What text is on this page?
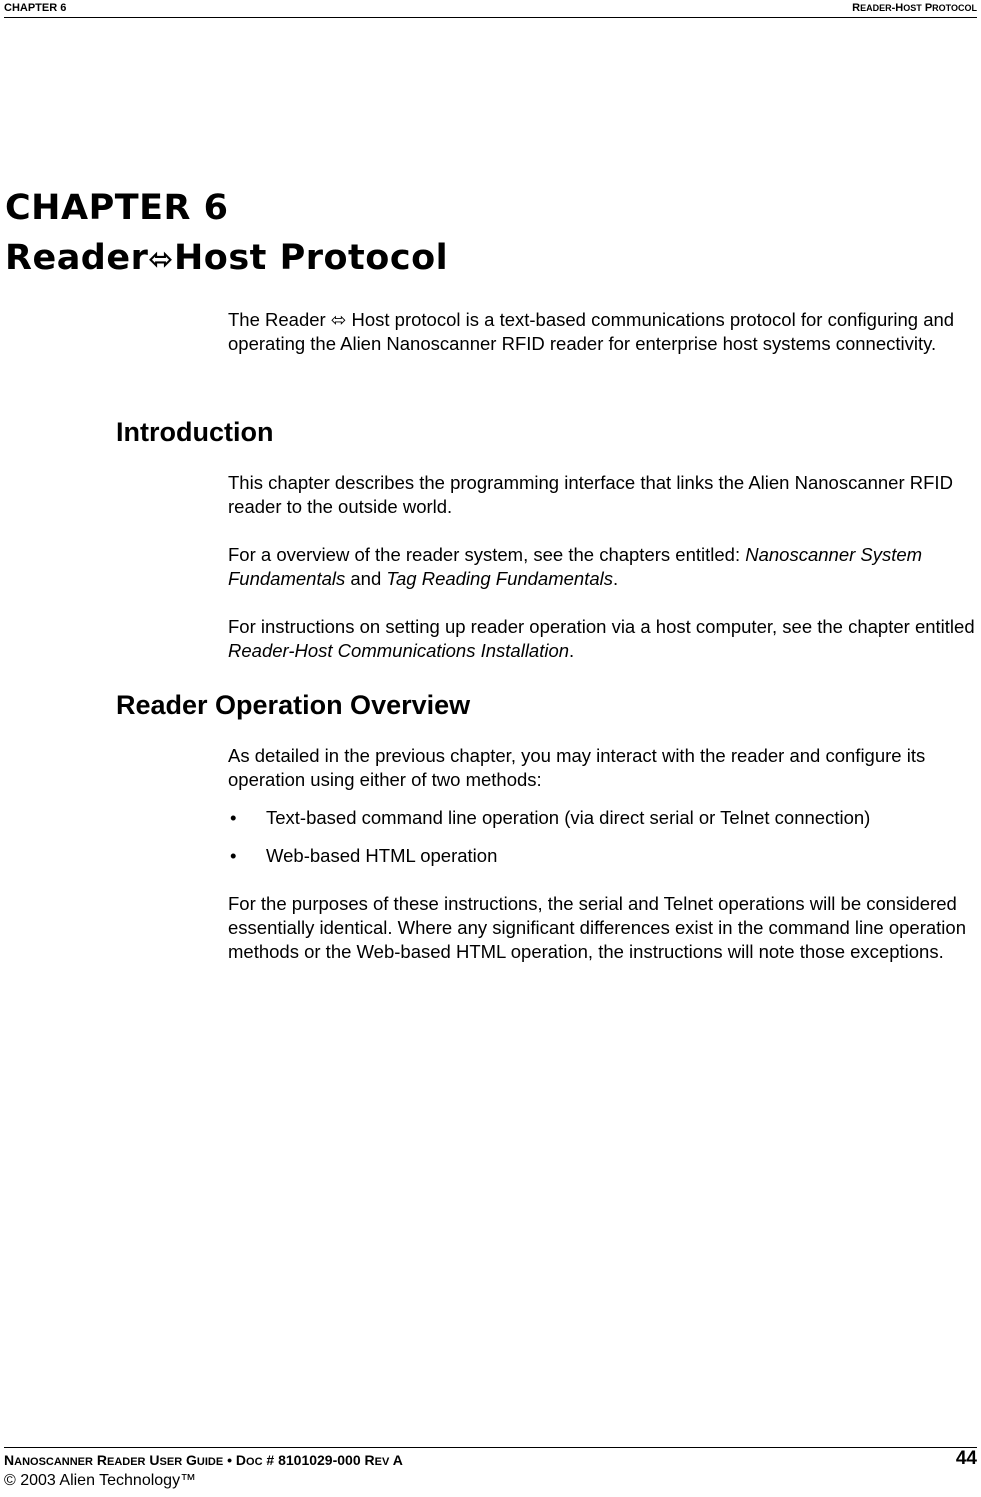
CHAPTER 6	READER-HOST PROTOCOL
CHAPTER 6
Reader⬄Host Protocol

The Reader ⬄ Host protocol is a text-based communications protocol for configuring and operating the Alien Nanoscanner RFID reader for enterprise host systems connectivity.

Introduction

This chapter describes the programming interface that links the Alien Nanoscanner RFID reader to the outside world.

For a overview of the reader system, see the chapters entitled: Nanoscanner System Fundamentals and Tag Reading Fundamentals.

For instructions on setting up reader operation via a host computer, see the chapter entitled Reader-Host Communications Installation.

Reader Operation Overview

As detailed in the previous chapter, you may interact with the reader and configure its operation using either of two methods:

• Text-based command line operation (via direct serial or Telnet connection)
• Web-based HTML operation

For the purposes of these instructions, the serial and Telnet operations will be considered essentially identical. Where any significant differences exist in the command line operation methods or the Web-based HTML operation, the instructions will note those exceptions.

NANOSCANNER READER USER GUIDE • DOC # 8101029-000 REV A	44
© 2003 Alien Technology™
